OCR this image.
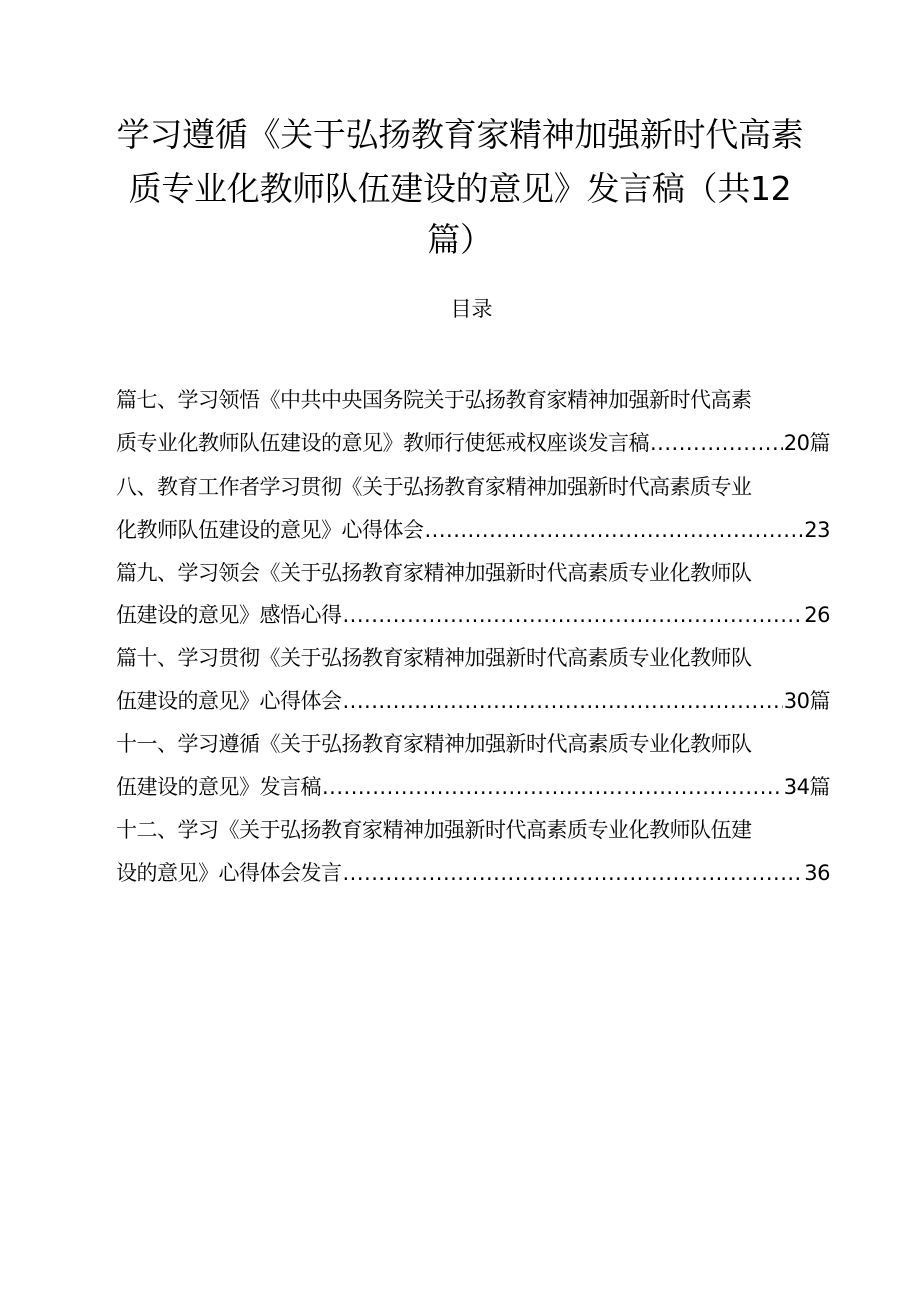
学习遵循《关于弘扬教育家精神加强新时代高素
质专业化教师队伍建设的意见》发言稿（共12
篇）
目录
篇七、学习领悟《中共中央国务院关于弘扬教育家精神加强新时代高素
质专业化教师队伍建设的意见》教师行使惩戒权座谈发言稿 .....	20篇
八、教育工作者学习贯彻《关于弘扬教育家精神加强新时代高素质专业
化教师队伍建设的意见》心得体会 .....	23
篇九、学习领会《关于弘扬教育家精神加强新时代高素质专业化教师队
伍建设的意见》感悟心得 .....	26
篇十、学习贯彻《关于弘扬教育家精神加强新时代高素质专业化教师队
伍建设的意见》心得体会 .....	30篇
十一、学习遵循《关于弘扬教育家精神加强新时代高素质专业化教师队
伍建设的意见》发言稿 .....	34篇
十二、学习《关于弘扬教育家精神加强新时代高素质专业化教师队伍建
设的意见》心得体会发言 .....	36
